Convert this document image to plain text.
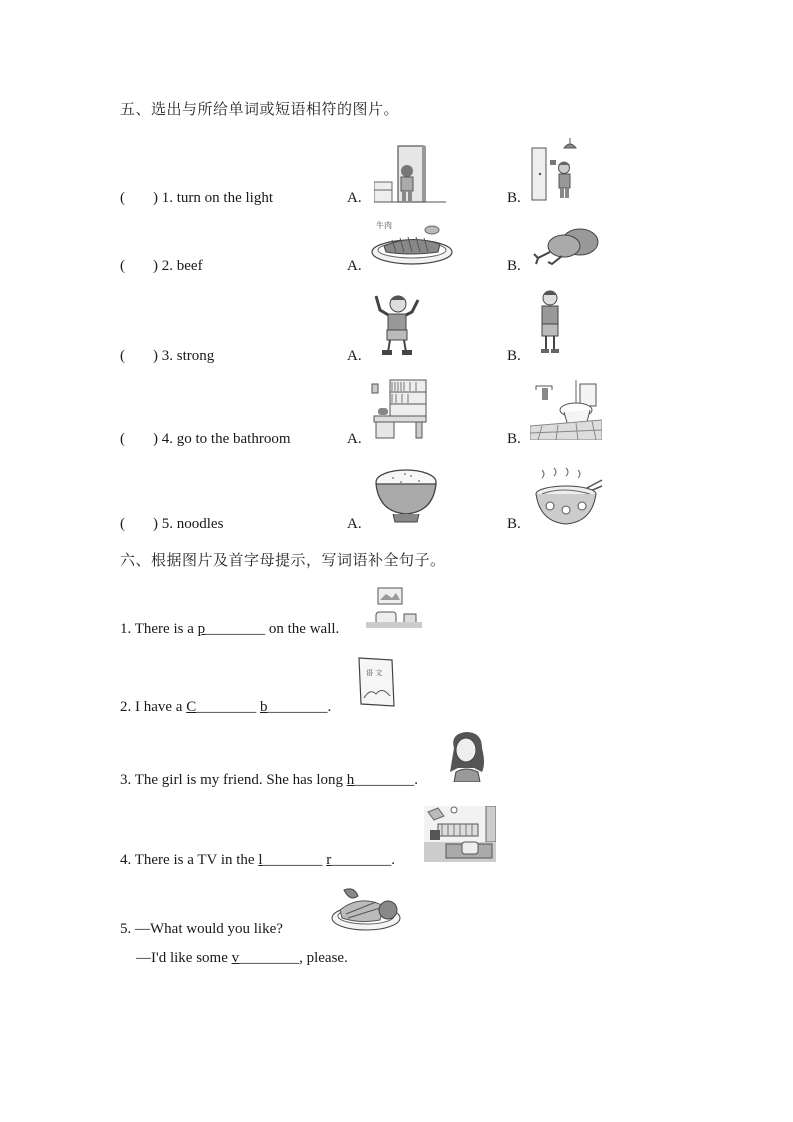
五、选出与所给单词或短语相符的图片。
( ) 1. turn on the light	A.	B.
( ) 2. beef	A.	B.
牛肉
( ) 3. strong	A.	B.
( ) 4. go to the bathroom	A.	B.
( ) 5. noodles	A.	B.
六、根据图片及首字母提示，写词语补全句子。
1. There is a p________ on the wall.
2. I have a C________ b________.
语 文
3. The girl is my friend. She has long h________.
4. There is a TV in the l________ r________.
5. —What would you like?
—I'd like some v________, please.
